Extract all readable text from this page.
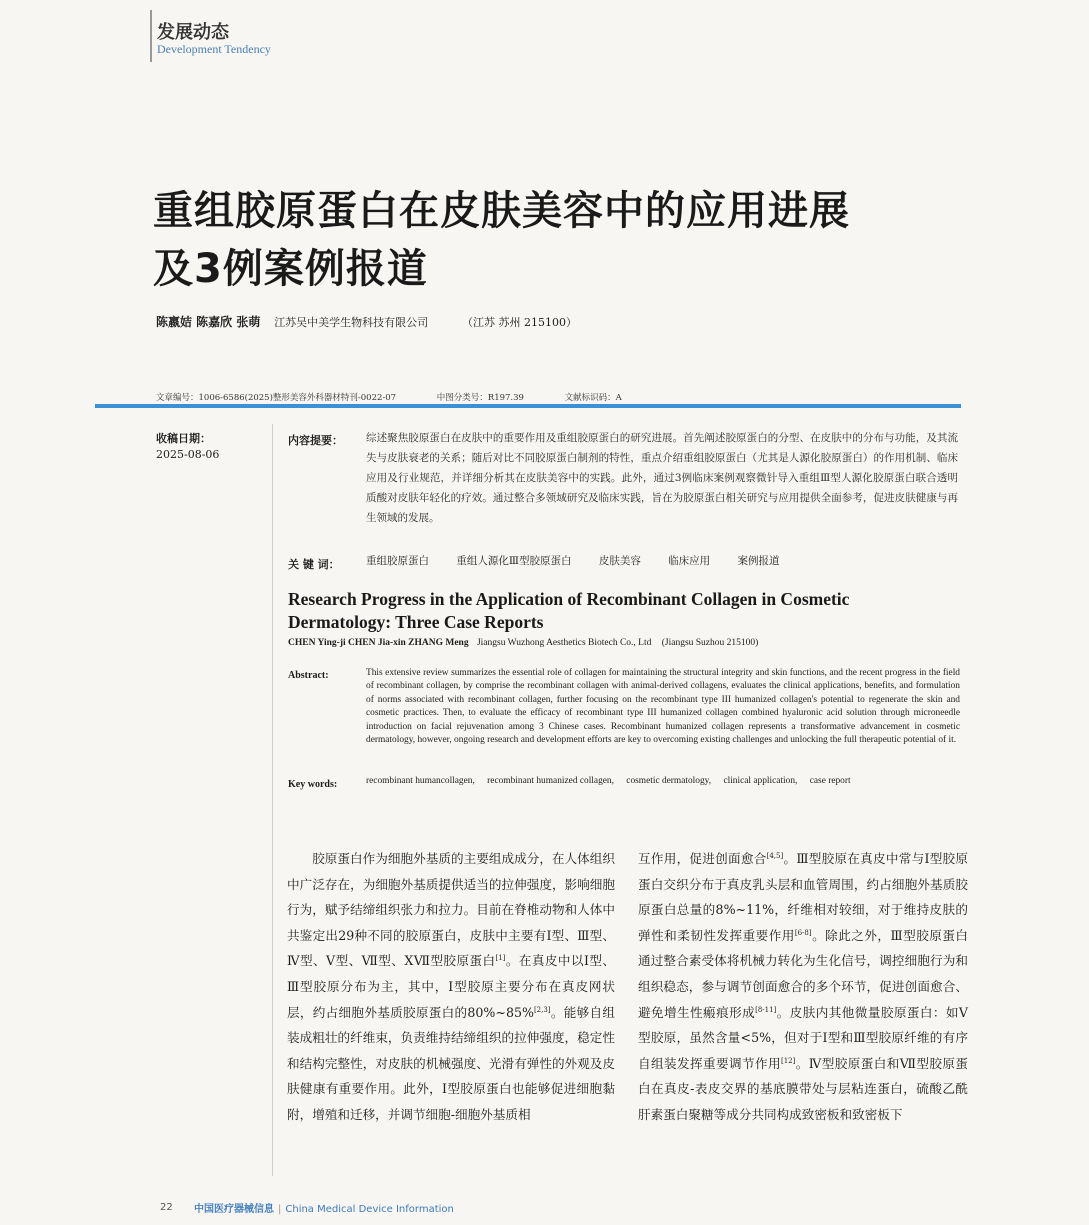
发展动态
Development Tendency
重组胶原蛋白在皮肤美容中的应用进展
及3例案例报道
陈嬴姞 陈嘉欣 张萌 江苏吴中美学生物科技有限公司	（江苏 苏州 215100）
文章编号：1006-6586(2025)整形美容外科器材特刊-0022-07	中图分类号：R197.39	文献标识码：A
收稿日期：
2025-08-06
内容提要： 综述聚焦胶原蛋白在皮肤中的重要作用及重组胶原蛋白的研究进展。首先阐述胶原蛋白的分型、在皮肤中的分布与功能，及其流失与皮肤衰老的关系；随后对比不同胶原蛋白制剂的特性，重点介绍重组胶原蛋白（尤其是人源化胶原蛋白）的作用机制、临床应用及行业规范，并详细分析其在皮肤美容中的实践。此外，通过3例临床案例观察微针导入重组Ⅲ型人源化胶原蛋白联合透明质酸对皮肤年轻化的疗效。通过整合多领域研究及临床实践，旨在为胶原蛋白相关研究与应用提供全面参考，促进皮肤健康与再生领域的发展。
关 键 词：	重组胶原蛋白	重组人源化Ⅲ型胶原蛋白	皮肤美容	临床应用	案例报道
Research Progress in the Application of Recombinant Collagen in Cosmetic
Dermatology: Three Case Reports
CHEN Ying-ji CHEN Jia-xin ZHANG Meng Jiangsu Wuzhong Aesthetics Biotech Co., Ltd (Jiangsu Suzhou 215100)
Abstract:	This extensive review summarizes the essential role of collagen for maintaining the structural integrity and skin functions, and the recent progress in the field of recombinant collagen, by comprise the recombinant collagen with animal-derived collagens, evaluates the clinical applications, benefits, and formulation of norms associated with recombinant collagen, further focusing on the recombinant type III humanized collagen's potential to regenerate the skin and cosmetic practices. Then, to evaluate the efficacy of recombinant type III humanized collagen combined hyaluronic acid solution through microneedle introduction on facial rejuvenation among 3 Chinese cases. Recombinant humanized collagen represents a transformative advancement in cosmetic dermatology, however, ongoing research and development efforts are key to overcoming existing challenges and unlocking the full therapeutic potential of it.
Key words:	recombinant humancollagen, recombinant humanized collagen, cosmetic dermatology, clinical application, case report
胶原蛋白作为细胞外基质的主要组成成分，在人体组织中广泛存在，为细胞外基质提供适当的拉伸强度，影响细胞行为，赋予结缔组织张力和拉力。目前在脊椎动物和人体中共鉴定出29种不同的胶原蛋白，皮肤中主要有Ⅰ型、Ⅲ型、Ⅳ型、Ⅴ型、Ⅶ型、ⅩⅦ型胶原蛋白[1]。在真皮中以Ⅰ型、Ⅲ型胶原分布为主，其中，Ⅰ型胶原主要分布在真皮网状层，约占细胞外基质胶原蛋白的80%~85%[2,3]。能够自组装成粗壮的纤维束，负责维持结缔组织的拉伸强度，稳定性和结构完整性，对皮肤的机械强度、光滑有弹性的外观及皮肤健康有重要作用。此外，Ⅰ型胶原蛋白也能够促进细胞黏附，增殖和迁移，并调节细胞-细胞外基质相
互作用，促进创面愈合[4,5]。Ⅲ型胶原在真皮中常与Ⅰ型胶原蛋白交织分布于真皮乳头层和血管周围，约占细胞外基质胶原蛋白总量的8%~11%，纤维相对较细，对于维持皮肤的弹性和柔韧性发挥重要作用[6-8]。除此之外，Ⅲ型胶原蛋白通过整合素受体将机械力转化为生化信号，调控细胞行为和组织稳态，参与调节创面愈合的多个环节，促进创面愈合、避免增生性瘢痕形成[8-11]。皮肤内其他微量胶原蛋白：如Ⅴ型胶原，虽然含量<5%，但对于Ⅰ型和Ⅲ型胶原纤维的有序自组装发挥重要调节作用[12]。Ⅳ型胶原蛋白和Ⅶ型胶原蛋白在真皮-表皮交界的基底膜带处与层粘连蛋白，硫酸乙酰肝素蛋白聚糖等成分共同构成致密板和致密板下
22 中国医疗器械信息 | China Medical Device Information
